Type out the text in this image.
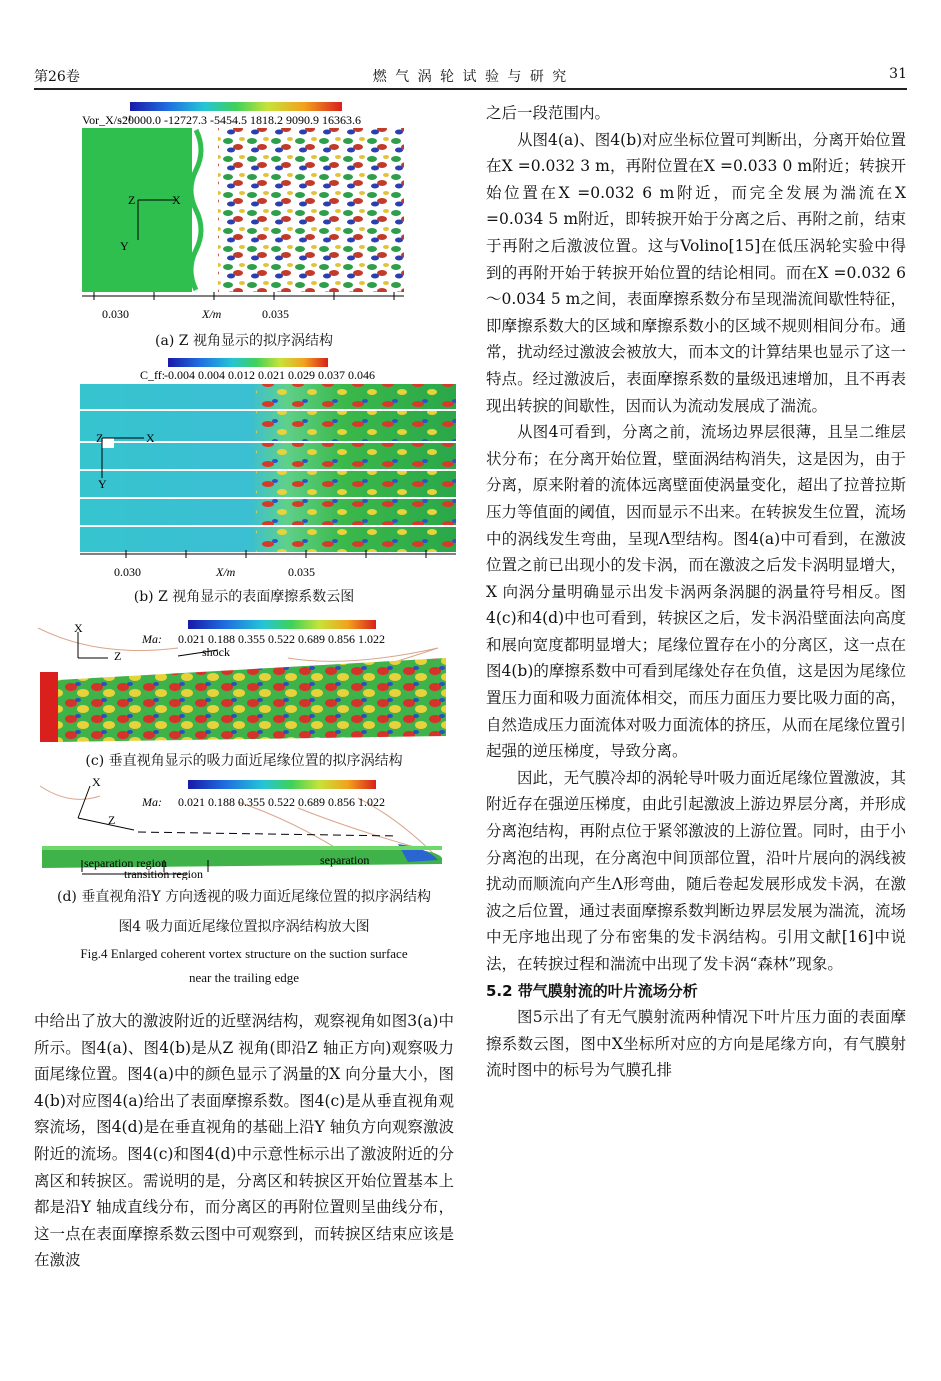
第26卷	燃 气 涡 轮 试 验 与 研 究	31
Vor_X/s⁻¹
-20000.0 -12727.3 -5454.5 1818.2 9090.9 16363.6
Z	X
Y
0.030	X/m	0.035
(a) Z 视角显示的拟序涡结构
C_ff:
-0.004 0.004 0.012 0.021 0.029 0.037 0.046
Z	X
Y
0.030	X/m	0.035
(b) Z 视角显示的表面摩擦系数云图
Ma: 0.021 0.188 0.355 0.522 0.689 0.856 1.022
shock
X
Z
(c) 垂直视角显示的吸力面近尾缘位置的拟序涡结构
Ma: 0.021 0.188 0.355 0.522 0.689 0.856 1.022
X
Z
separation region
transition region
separation
(d) 垂直视角沿Y 方向透视的吸力面近尾缘位置的拟序涡结构
图4 吸力面近尾缘位置拟序涡结构放大图
Fig.4 Enlarged coherent vortex structure on the suction surface
near the trailing edge

中给出了放大的激波附近的近壁涡结构，观察视角如图3(a)中所示。图4(a)、图4(b)是从Z 视角(即沿Z 轴正方向)观察吸力面尾缘位置。图4(a)中的颜色显示了涡量的X 向分量大小，图4(b)对应图4(a)给出了表面摩擦系数。图4(c)是从垂直视角观察流场，图4(d)是在垂直视角的基础上沿Y 轴负方向观察激波附近的流场。图4(c)和图4(d)中示意性标示出了激波附近的分离区和转捩区。需说明的是，分离区和转捩区开始位置基本上都是沿Y 轴成直线分布，而分离区的再附位置则呈曲线分布，这一点在表面摩擦系数云图中可观察到，而转捩区结束应该是在激波

之后一段范围内。

从图4(a)、图4(b)对应坐标位置可判断出，分离开始位置在X =0.032 3 m，再附位置在X =0.033 0 m附近；转捩开始位置在X =0.032 6 m附近，而完全发展为湍流在X =0.034 5 m附近，即转捩开始于分离之后、再附之前，结束于再附之后激波位置。这与Volino[15]在低压涡轮实验中得到的再附开始于转捩开始位置的结论相同。而在X =0.032 6～0.034 5 m之间，表面摩擦系数分布呈现湍流间歇性特征，即摩擦系数大的区域和摩擦系数小的区域不规则相间分布。通常，扰动经过激波会被放大，而本文的计算结果也显示了这一特点。经过激波后，表面摩擦系数的量级迅速增加，且不再表现出转捩的间歇性，因而认为流动发展成了湍流。

从图4可看到，分离之前，流场边界层很薄，且呈二维层状分布；在分离开始位置，壁面涡结构消失，这是因为，由于分离，原来附着的流体远离壁面使涡量变化，超出了拉普拉斯压力等值面的阈值，因而显示不出来。在转捩发生位置，流场中的涡线发生弯曲，呈现Λ型结构。图4(a)中可看到，在激波位置之前已出现小的发卡涡，而在激波之后发卡涡明显增大，X 向涡分量明确显示出发卡涡两条涡腿的涡量符号相反。图4(c)和4(d)中也可看到，转捩区之后，发卡涡沿壁面法向高度和展向宽度都明显增大；尾缘位置存在小的分离区，这一点在图4(b)的摩擦系数中可看到尾缘处存在负值，这是因为尾缘位置压力面和吸力面流体相交，而压力面压力要比吸力面的高，自然造成压力面流体对吸力面流体的挤压，从而在尾缘位置引起强的逆压梯度，导致分离。

因此，无气膜冷却的涡轮导叶吸力面近尾缘位置激波，其附近存在强逆压梯度，由此引起激波上游边界层分离，并形成分离泡结构，再附点位于紧邻激波的上游位置。同时，由于小分离泡的出现，在分离泡中间顶部位置，沿叶片展向的涡线被扰动而顺流向产生Λ形弯曲，随后卷起发展形成发卡涡，在激波之后位置，通过表面摩擦系数判断边界层发展为湍流，流场中无序地出现了分布密集的发卡涡结构。引用文献[16]中说法，在转捩过程和湍流中出现了发卡涡“森林”现象。

5.2 带气膜射流的叶片流场分析

图5示出了有无气膜射流两种情况下叶片压力面的表面摩擦系数云图，图中X坐标所对应的方向是尾缘方向，有气膜射流时图中的标号为气膜孔排
